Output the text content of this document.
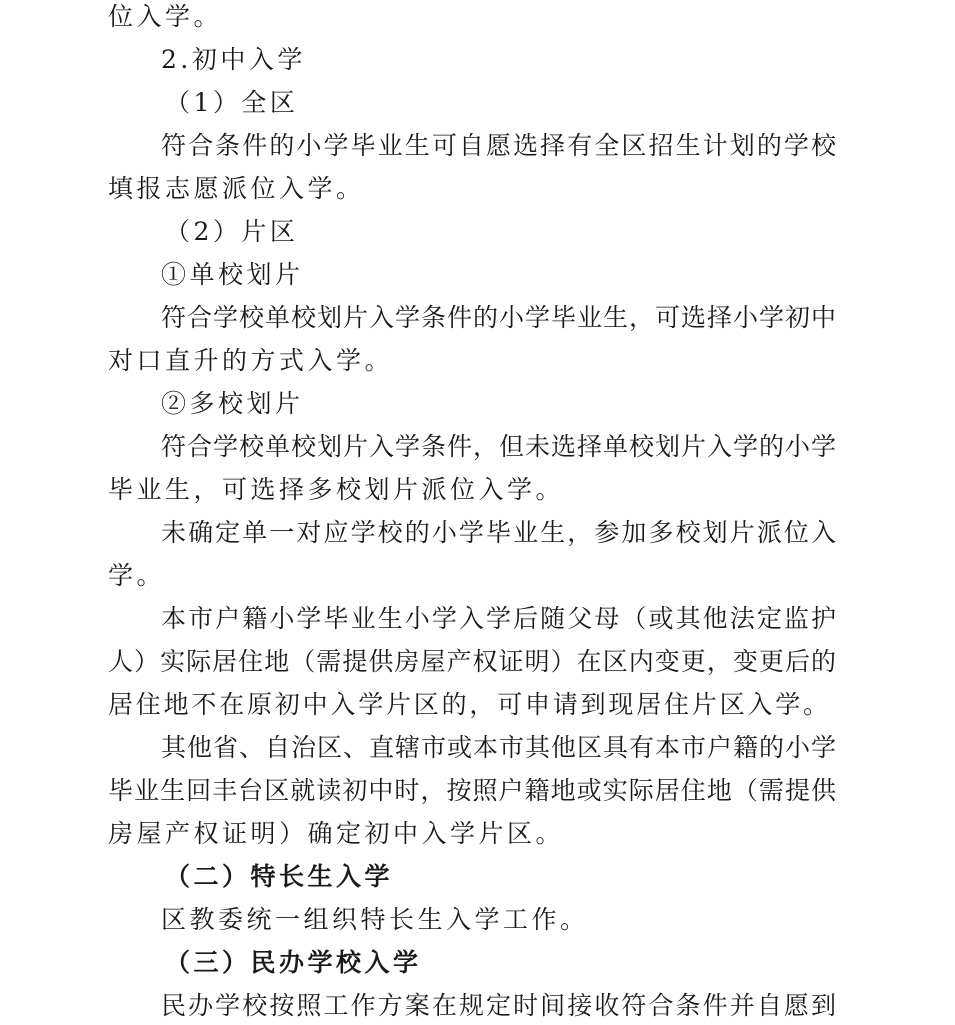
位入学。
2.初中入学
（1）全区
符合条件的小学毕业生可自愿选择有全区招生计划的学校
填报志愿派位入学。
（2）片区
①单校划片
符合学校单校划片入学条件的小学毕业生，可选择小学初中
对口直升的方式入学。
②多校划片
符合学校单校划片入学条件，但未选择单校划片入学的小学
毕业生，可选择多校划片派位入学。
未确定单一对应学校的小学毕业生，参加多校划片派位入
学。
本市户籍小学毕业生小学入学后随父母（或其他法定监护
人）实际居住地（需提供房屋产权证明）在区内变更，变更后的
居住地不在原初中入学片区的，可申请到现居住片区入学。
其他省、自治区、直辖市或本市其他区具有本市户籍的小学
毕业生回丰台区就读初中时，按照户籍地或实际居住地（需提供
房屋产权证明）确定初中入学片区。
（二）特长生入学
区教委统一组织特长生入学工作。
（三）民办学校入学
民办学校按照工作方案在规定时间接收符合条件并自愿到
